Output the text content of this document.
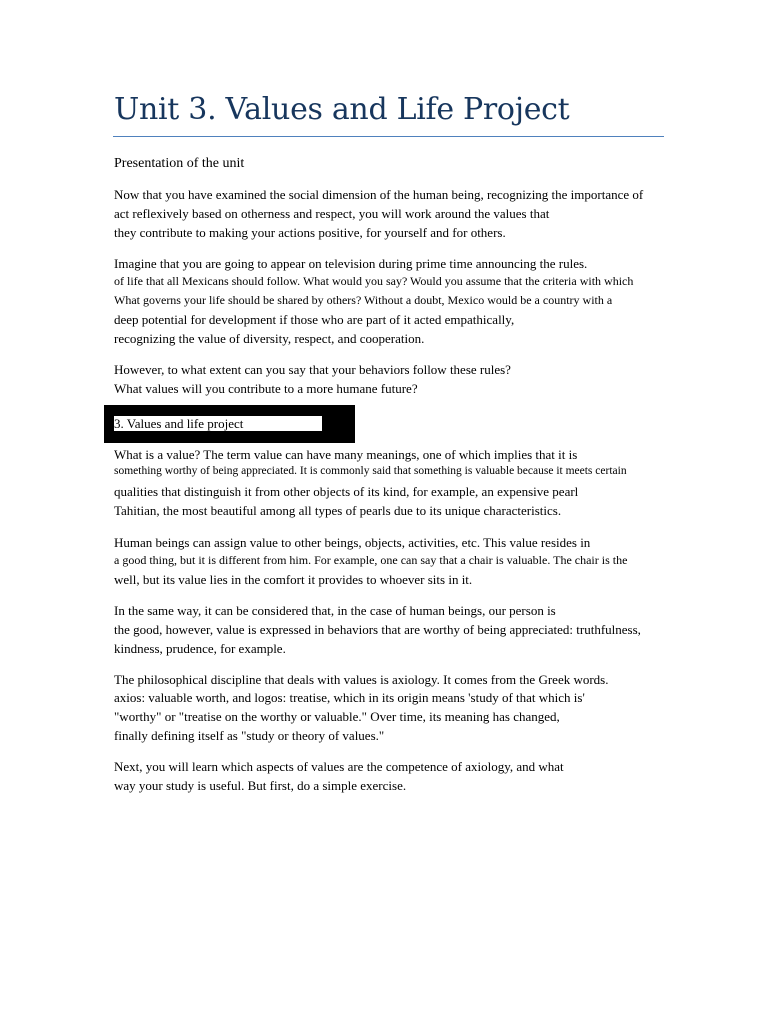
Unit 3. Values and Life Project
Presentation of the unit
Now that you have examined the social dimension of the human being, recognizing the importance of
act reflexively based on otherness and respect, you will work around the values that
they contribute to making your actions positive, for yourself and for others.
Imagine that you are going to appear on television during prime time announcing the rules.
of life that all Mexicans should follow. What would you say? Would you assume that the criteria with which
What governs your life should be shared by others? Without a doubt, Mexico would be a country with a
deep potential for development if those who are part of it acted empathically,
recognizing the value of diversity, respect, and cooperation.
However, to what extent can you say that your behaviors follow these rules?
What values will you contribute to a more humane future?
3. Values and life project
What is a value? The term value can have many meanings, one of which implies that it is
something worthy of being appreciated. It is commonly said that something is valuable because it meets certain
qualities that distinguish it from other objects of its kind, for example, an expensive pearl
Tahitian, the most beautiful among all types of pearls due to its unique characteristics.
Human beings can assign value to other beings, objects, activities, etc. This value resides in
a good thing, but it is different from him. For example, one can say that a chair is valuable. The chair is the
well, but its value lies in the comfort it provides to whoever sits in it.
In the same way, it can be considered that, in the case of human beings, our person is
the good, however, value is expressed in behaviors that are worthy of being appreciated: truthfulness,
kindness, prudence, for example.
The philosophical discipline that deals with values is axiology. It comes from the Greek words.
axios: valuable worth, and logos: treatise, which in its origin means 'study of that which is'
"worthy" or "treatise on the worthy or valuable." Over time, its meaning has changed,
finally defining itself as "study or theory of values."
Next, you will learn which aspects of values are the competence of axiology, and what
way your study is useful. But first, do a simple exercise.
